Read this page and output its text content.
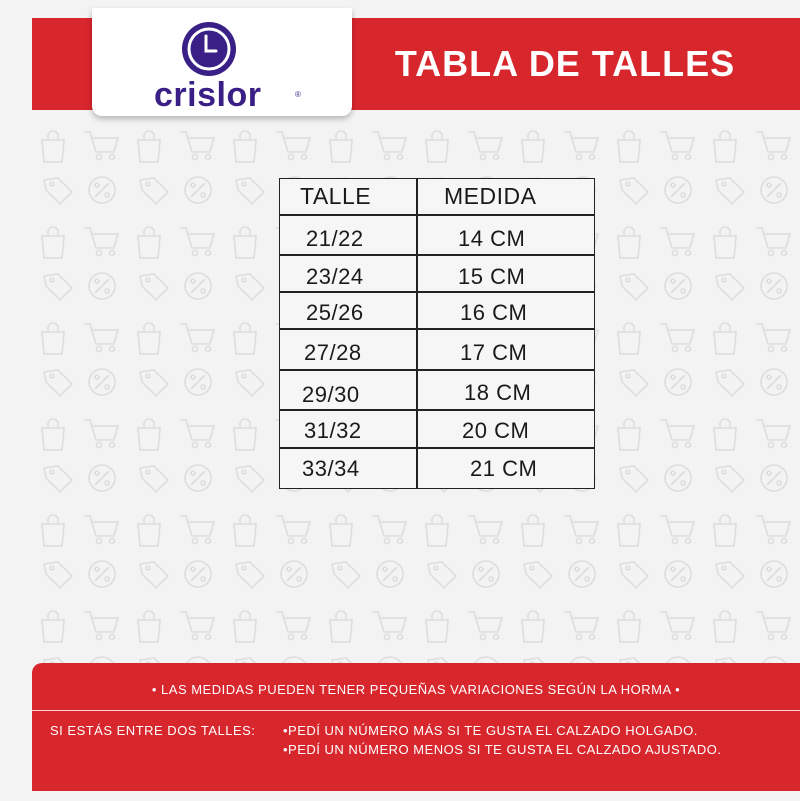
TABLA DE TALLES
crislor	®
TALLE	MEDIDA
21/22	14 CM
23/24	15 CM
25/26	16 CM
27/28	17 CM
29/30	18 CM
31/32	20 CM
33/34	21 CM
• LAS MEDIDAS PUEDEN TENER PEQUEÑAS VARIACIONES SEGÚN LA HORMA •
SI ESTÁS ENTRE DOS TALLES: •PEDÍ UN NÚMERO MÁS SI TE GUSTA EL CALZADO HOLGADO.
•PEDÍ UN NÚMERO MENOS SI TE GUSTA EL CALZADO AJUSTADO.
